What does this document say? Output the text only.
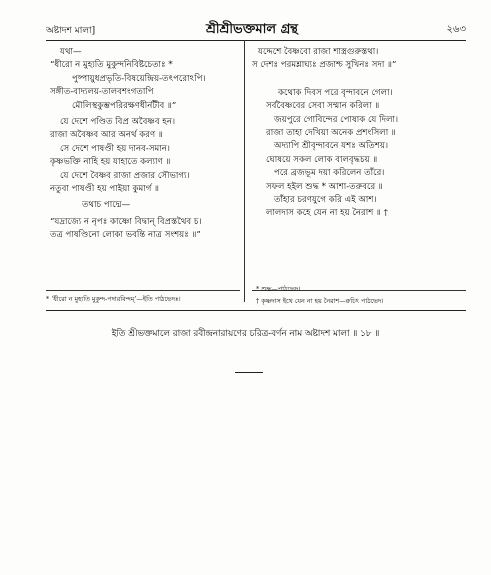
অষ্টাদশ মালা]	শ্রীশ্রীভক্তমাল গ্রন্থ	২৬৩
যথা—
“ধীরো ন মুহ্যতি মুকুন্দনিবিষ্টচেতাঃ *
পুষ্পায়ুধপ্রভৃতি-বিষয়েন্দ্রিয়-তৎপরোঽপি।
সঙ্গীত-বাদ্যলয়-তালবশংগতাপি
মৌলিস্থকুম্ভপরিরক্ষণধীর্নটীব ॥”
যে দেশে পণ্ডিত বিপ্র অবৈষ্ণব হন।
রাজা অবৈষ্ণব আর অনর্থ করণ ॥
সে দেশে পাষণ্ডী হয় দানব-সমান।
কৃষ্ণভক্তি নাহি হয় যাহাতে কল্যাণ ॥
যে দেশে বৈষ্ণব রাজা প্রজার সৌভাগ্য।
নতুবা পাষণ্ডী হয় পাইয়া কুমার্গ ॥
তথাচ পাদ্মে—
“যদ্রাজ্যে ন নৃপঃ কাষ্ণো বিদ্বান্ বিপ্রস্তথৈব চ।
তত্র পাষণ্ডিনো লোকা ভবন্তি নাত্র সংশয়ঃ ॥”
যদ্দেশে বৈষ্ণবো রাজা শাস্ত্রগুরুস্তথা।
স দেশঃ পরমশ্লাঘ্যঃ প্রজাশ্চ সুখিনঃ সদা ॥”
কথোক দিবস পরে বৃন্দাবনে গেলা।
সর্ববৈষ্ণবের সেবা সম্মান করিলা ॥
জয়পুরে গোবিন্দের পোষাক যে দিলা।
রাজা তাহা দেখিয়া অনেক প্রশংসিলা ॥
অদ্যাপি শ্রীবৃন্দাবনে যশঃ অতিশয়।
ঘোষয়ে সকল লোক বালবৃদ্ধচয় ॥
পরে ব্রজভূম দয়া করিলেন তাঁরে।
সফল হইল শুদ্ধ * আশা-তরুবরে ॥
তাঁহার চরণযুগে করি এই আশ।
লালদাস কহে যেন না হয় নৈরাশ ॥ †
* ‘ধীরো ন মুহ্যতি মুকুন্দ-পদারবিন্দম্’—ইতি পাঠভেদঃ।
* শুদ্ধ—পাঠভেদ।
† কৃষ্ণদাস ইথে যেন না হয় নৈরাশ—ক্বচিৎ পাঠভেদ।
ইতি শ্রীভক্তমালে রাজা রবীন্দ্রনারায়ণের চরিত্র-বর্ণন নাম অষ্টাদশ মালা ॥ ১৮ ॥
